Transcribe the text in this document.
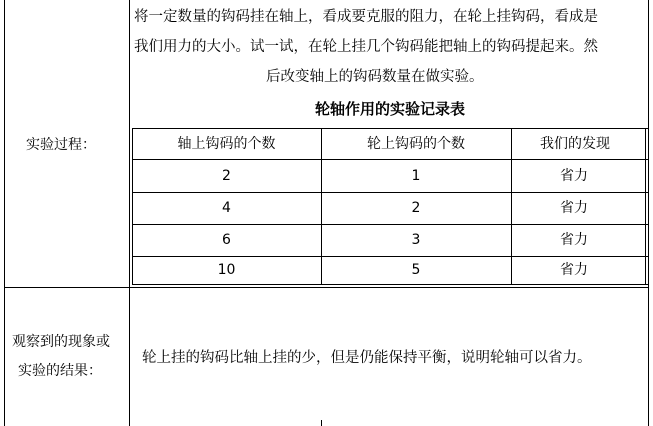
实验过程：
将一定数量的钩码挂在轴上，看成要克服的阻力，在轮上挂钩码，看成是
我们用力的大小。试一试，在轮上挂几个钩码能把轴上的钩码提起来。然
后改变轴上的钩码数量在做实验。
轮轴作用的实验记录表
轴上钩码的个数	轮上钩码的个数	我们的发现
2	1	省力
4	2	省力
6	3	省力
10	5	省力
观察到的现象或
实验的结果：
轮上挂的钩码比轴上挂的少，但是仍能保持平衡，说明轮轴可以省力。
